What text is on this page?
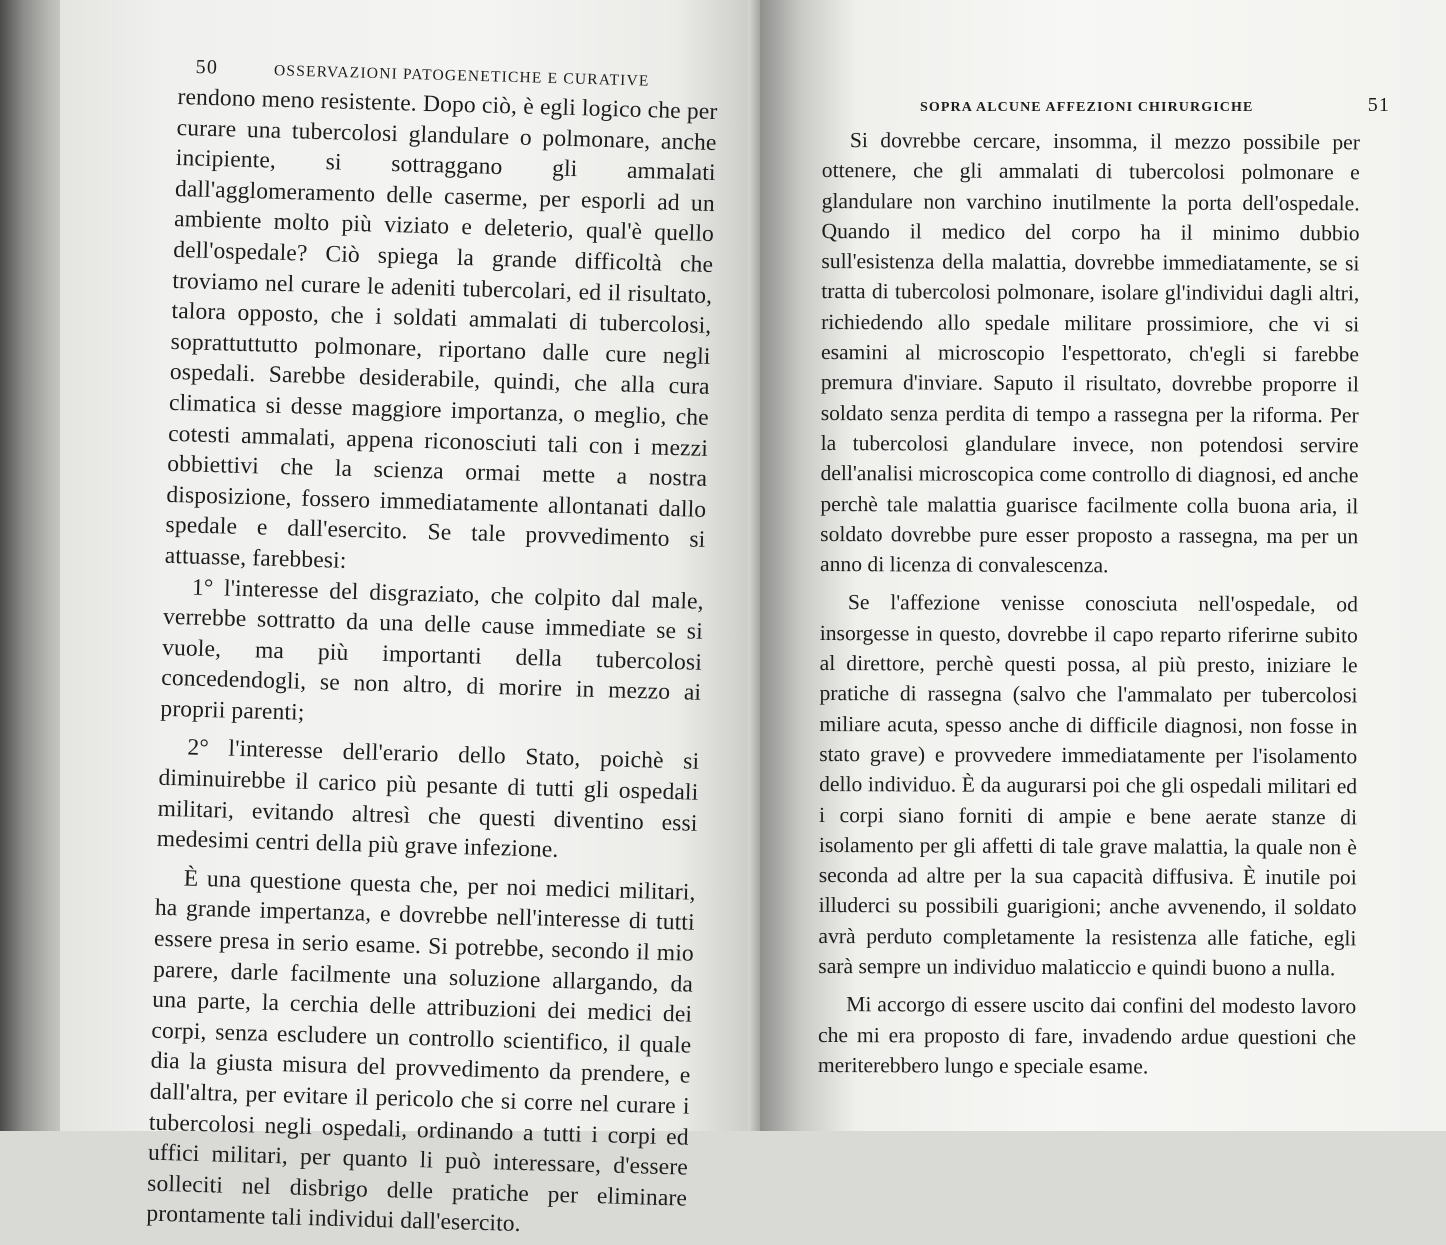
50	OSSERVAZIONI PATOGENETICHE E CURATIVE

rendono meno resistente. Dopo ciò, è egli logico che per curare una tubercolosi glandulare o polmonare, anche incipiente, si sottraggano gli ammalati dall'agglomeramento delle caserme, per esporli ad un ambiente molto più viziato e deleterio, qual'è quello dell'ospedale? Ciò spiega la grande difficoltà che troviamo nel curare le adeniti tubercolari, ed il risultato, talora opposto, che i soldati ammalati di tubercolosi, soprattuttutto polmonare, riportano dalle cure negli ospedali. Sarebbe desiderabile, quindi, che alla cura climatica si desse maggiore importanza, o meglio, che cotesti ammalati, appena riconosciuti tali con i mezzi obbiettivi che la scienza ormai mette a nostra disposizione, fossero immediatamente allontanati dallo spedale e dall'esercito. Se tale provvedimento si attuasse, farebbesi:

1° l'interesse del disgraziato, che colpito dal male, verrebbe sottratto da una delle cause immediate se si vuole, ma più importanti della tubercolosi concedendogli, se non altro, di morire in mezzo ai proprii parenti;

2° l'interesse dell'erario dello Stato, poichè si diminuirebbe il carico più pesante di tutti gli ospedali militari, evitando altresì che questi diventino essi medesimi centri della più grave infezione.

È una questione questa che, per noi medici militari, ha grande impertanza, e dovrebbe nell'interesse di tutti essere presa in serio esame. Si potrebbe, secondo il mio parere, darle facilmente una soluzione allargando, da una parte, la cerchia delle attribuzioni dei medici dei corpi, senza escludere un controllo scientifico, il quale dia la giusta misura del provvedimento da prendere, e dall'altra, per evitare il pericolo che si corre nel curare i tubercolosi negli ospedali, ordinando a tutti i corpi ed uffici militari, per quanto li può interessare, d'essere solleciti nel disbrigo delle pratiche per eliminare prontamente tali individui dall'esercito.

SOPRA ALCUNE AFFEZIONI CHIRURGICHE	51

Si dovrebbe cercare, insomma, il mezzo possibile per ottenere, che gli ammalati di tubercolosi polmonare e glandulare non varchino inutilmente la porta dell'ospedale. Quando il medico del corpo ha il minimo dubbio sull'esistenza della malattia, dovrebbe immediatamente, se si tratta di tubercolosi polmonare, isolare gl'individui dagli altri, richiedendo allo spedale militare prossimiore, che vi si esamini al microscopio l'espettorato, ch'egli si farebbe premura d'inviare. Saputo il risultato, dovrebbe proporre il soldato senza perdita di tempo a rassegna per la riforma. Per la tubercolosi glandulare invece, non potendosi servire dell'analisi microscopica come controllo di diagnosi, ed anche perchè tale malattia guarisce facilmente colla buona aria, il soldato dovrebbe pure esser proposto a rassegna, ma per un anno di licenza di convalescenza.

Se l'affezione venisse conosciuta nell'ospedale, od insorgesse in questo, dovrebbe il capo reparto riferirne subito al direttore, perchè questi possa, al più presto, iniziare le pratiche di rassegna (salvo che l'ammalato per tubercolosi miliare acuta, spesso anche di difficile diagnosi, non fosse in stato grave) e provvedere immediatamente per l'isolamento dello individuo. È da augurarsi poi che gli ospedali militari ed i corpi siano forniti di ampie e bene aerate stanze di isolamento per gli affetti di tale grave malattia, la quale non è seconda ad altre per la sua capacità diffusiva. È inutile poi illuderci su possibili guarigioni; anche avvenendo, il soldato avrà perduto completamente la resistenza alle fatiche, egli sarà sempre un individuo malaticcio e quindi buono a nulla.

Mi accorgo di essere uscito dai confini del modesto lavoro che mi era proposto di fare, invadendo ardue questioni che meriterebbero lungo e speciale esame.
